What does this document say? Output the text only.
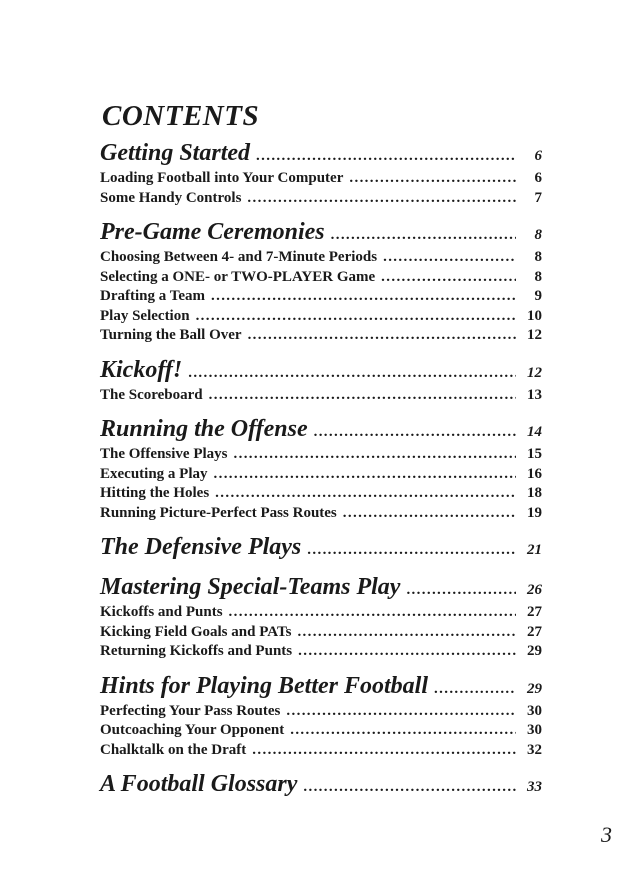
CONTENTS
Getting Started . . .	6
Loading Football into Your Computer . . .	6
Some Handy Controls . . .	7
Pre-Game Ceremonies . . .	8
Choosing Between 4- and 7-Minute Periods . . .	8
Selecting a ONE- or TWO-PLAYER Game . . .	8
Drafting a Team . . .	9
Play Selection . . .	10
Turning the Ball Over . . .	12
Kickoff! . . .	12
The Scoreboard . . .	13
Running the Offense . . .	14
The Offensive Plays . . .	15
Executing a Play . . .	16
Hitting the Holes . . .	18
Running Picture-Perfect Pass Routes . . .	19
The Defensive Plays . . .	21
Mastering Special-Teams Play . . .	26
Kickoffs and Punts . . .	27
Kicking Field Goals and PATs . . .	27
Returning Kickoffs and Punts . . .	29
Hints for Playing Better Football . . .	29
Perfecting Your Pass Routes . . .	30
Outcoaching Your Opponent . . .	30
Chalktalk on the Draft . . .	32
A Football Glossary . . .	33
3
